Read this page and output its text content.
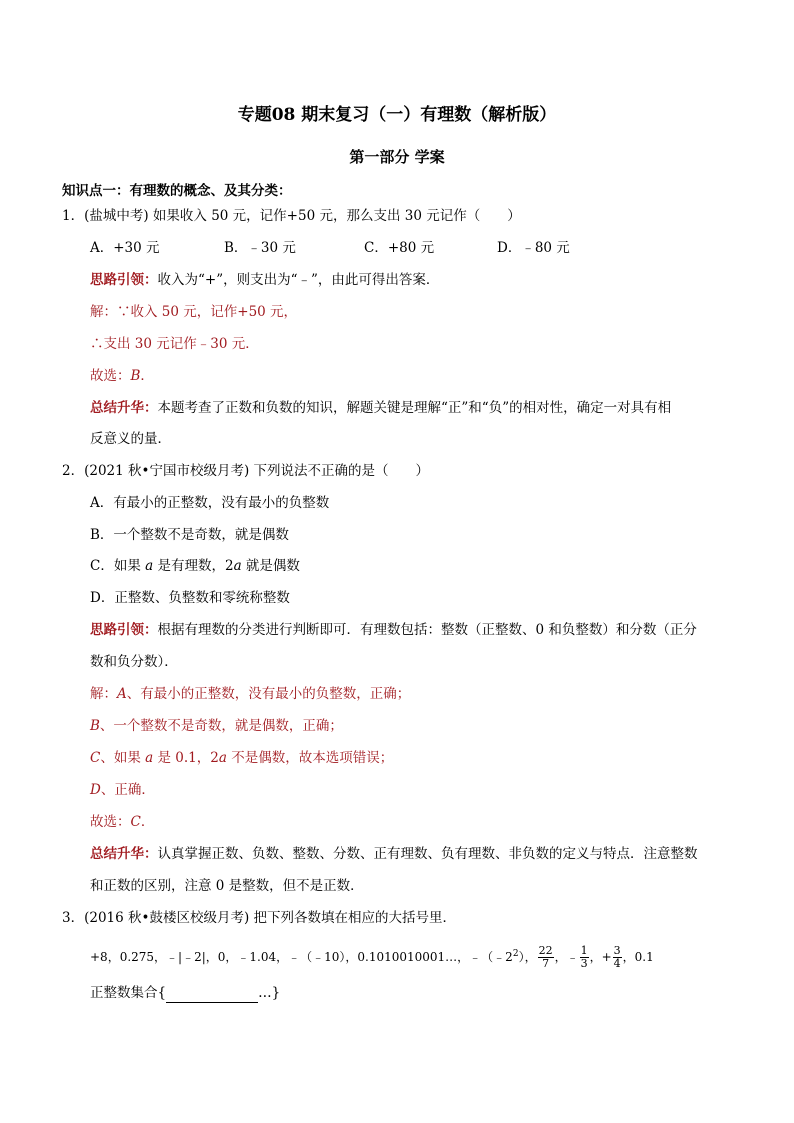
专题08 期末复习（一）有理数（解析版）
第一部分 学案
知识点一：有理数的概念、及其分类：
1．(盐城中考) 如果收入 50 元，记作+50 元，那么支出 30 元记作（　　）
A．+30 元	B．﹣30 元	C．+80 元	D．﹣80 元
思路引领：收入为“+”，则支出为“﹣”，由此可得出答案．
解：∵收入 50 元，记作+50 元，
∴支出 30 元记作﹣30 元．
故选：B．
总结升华：本题考查了正数和负数的知识，解题关键是理解“正”和“负”的相对性，确定一对具有相
反意义的量．
2．(2021 秋•宁国市校级月考) 下列说法不正确的是（　　）
A．有最小的正整数，没有最小的负整数
B．一个整数不是奇数，就是偶数
C．如果 a 是有理数，2a 就是偶数
D．正整数、负整数和零统称整数
思路引领：根据有理数的分类进行判断即可．有理数包括：整数（正整数、0 和负整数）和分数（正分
数和负分数）．
解：A、有最小的正整数，没有最小的负整数，正确；
B、一个整数不是奇数，就是偶数，正确；
C、如果 a 是 0.1，2a 不是偶数，故本选项错误；
D、正确．
故选：C．
总结升华：认真掌握正数、负数、整数、分数、正有理数、负有理数、非负数的定义与特点．注意整数
和正数的区别，注意 0 是整数，但不是正数．
3．(2016 秋•鼓楼区校级月考) 把下列各数填在相应的大括号里．
+8，0.275，﹣|﹣2|，0，﹣1.04，﹣（﹣10），0.1010010001…，$﹣(﹣2^2)$， $\frac{22}{7}$ ，﹣ $\frac{1}{3}$ ，+ $\frac{3}{4}$ ，0.1
正整数集合{	…}
